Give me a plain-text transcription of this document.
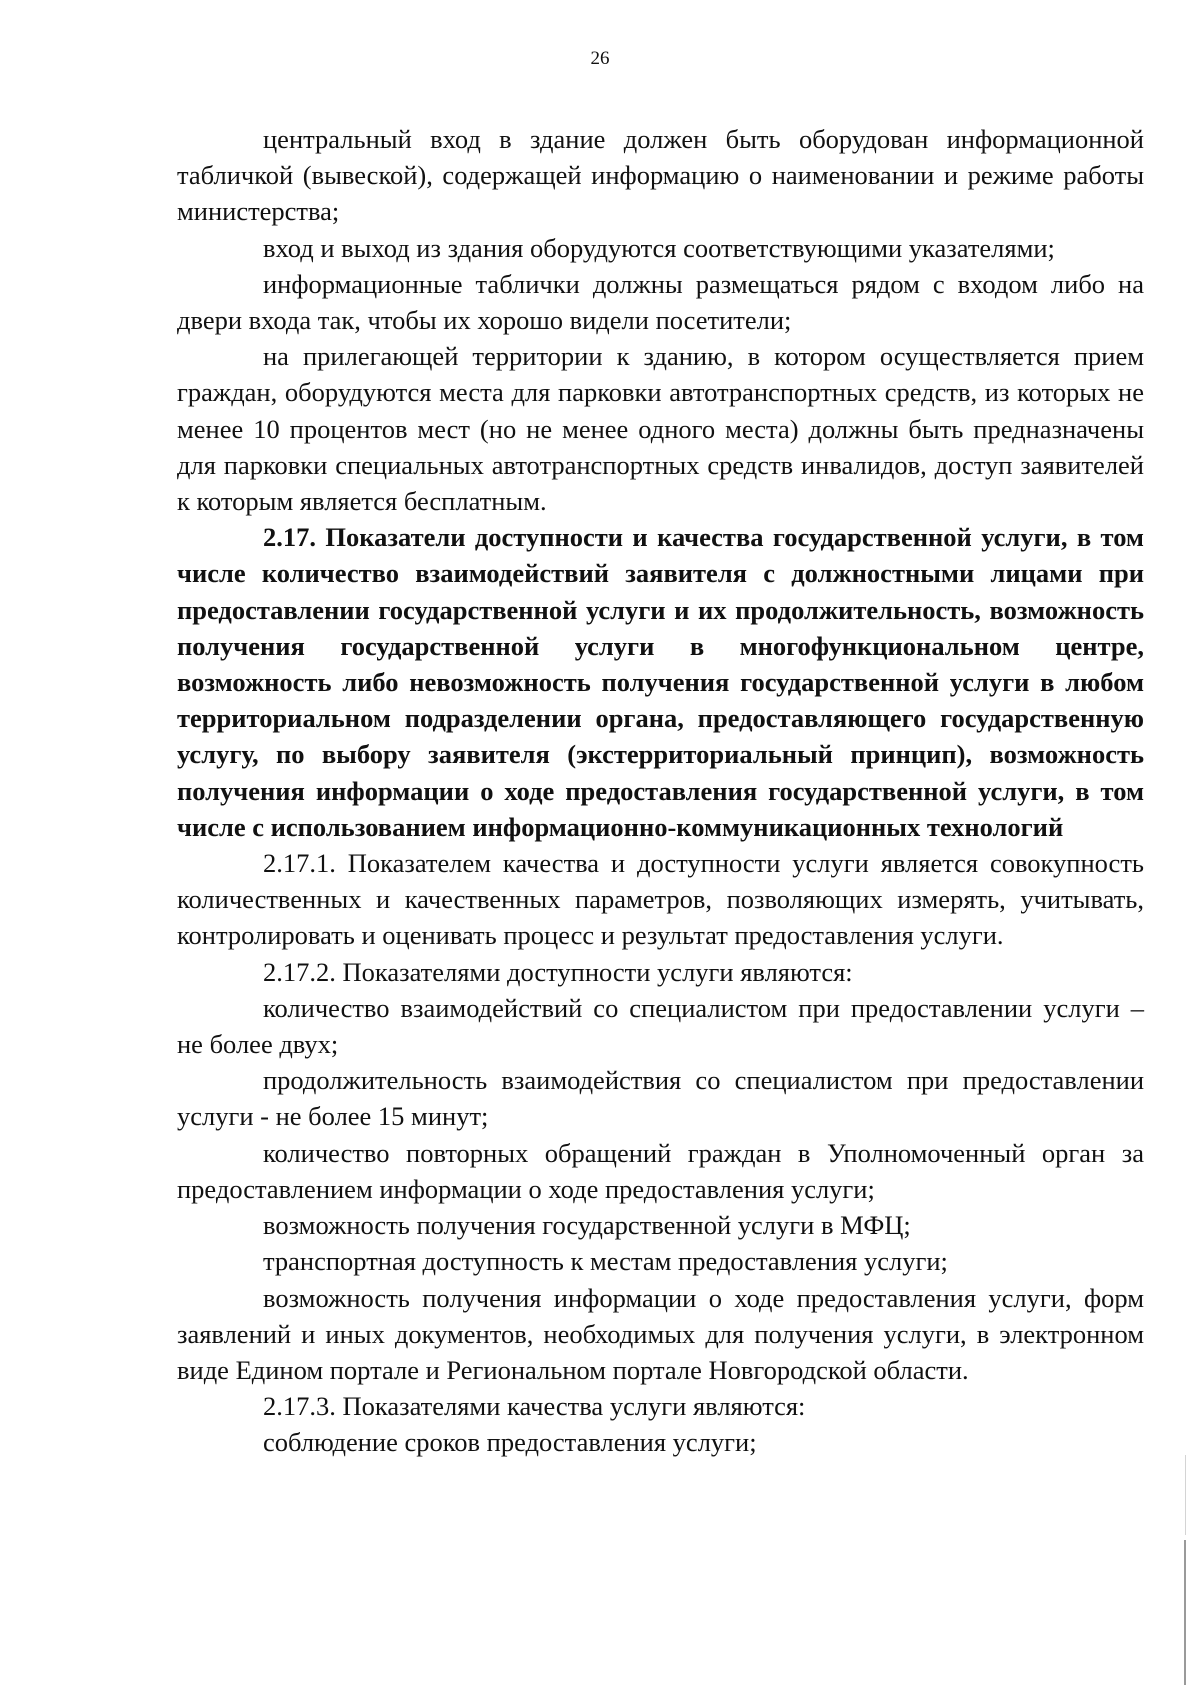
26

центральный вход в здание должен быть оборудован информационной табличкой (вывеской), содержащей информацию о наименовании и режиме работы министерства;

вход и выход из здания оборудуются соответствующими указателями;

информационные таблички должны размещаться рядом с входом либо на двери входа так, чтобы их хорошо видели посетители;

на прилегающей территории к зданию, в котором осуществляется прием граждан, оборудуются места для парковки автотранспортных средств, из которых не менее 10 процентов мест (но не менее одного места) должны быть предназначены для парковки специальных автотранспортных средств инвалидов, доступ заявителей к которым является бесплатным.

2.17. Показатели доступности и качества государственной услуги, в том числе количество взаимодействий заявителя с должностными лицами при предоставлении государственной услуги и их продолжительность, возможность получения государственной услуги в многофункциональном центре, возможность либо невозможность получения государственной услуги в любом территориальном подразделении органа, предоставляющего государственную услугу, по выбору заявителя (экстерриториальный принцип), возможность получения информации о ходе предоставления государственной услуги, в том числе с использованием информационно-коммуникационных технологий

2.17.1. Показателем качества и доступности услуги является совокупность количественных и качественных параметров, позволяющих измерять, учитывать, контролировать и оценивать процесс и результат предоставления услуги.

2.17.2. Показателями доступности услуги являются:

количество взаимодействий со специалистом при предоставлении услуги – не более двух;

продолжительность взаимодействия со специалистом при предоставлении услуги - не более 15 минут;

количество повторных обращений граждан в Уполномоченный орган за предоставлением информации о ходе предоставления услуги;

возможность получения государственной услуги в МФЦ;

транспортная доступность к местам предоставления услуги;

возможность получения информации о ходе предоставления услуги, форм заявлений и иных документов, необходимых для получения услуги, в электронном виде Едином портале и Региональном портале Новгородской области.

2.17.3. Показателями качества услуги являются:

соблюдение сроков предоставления услуги;
